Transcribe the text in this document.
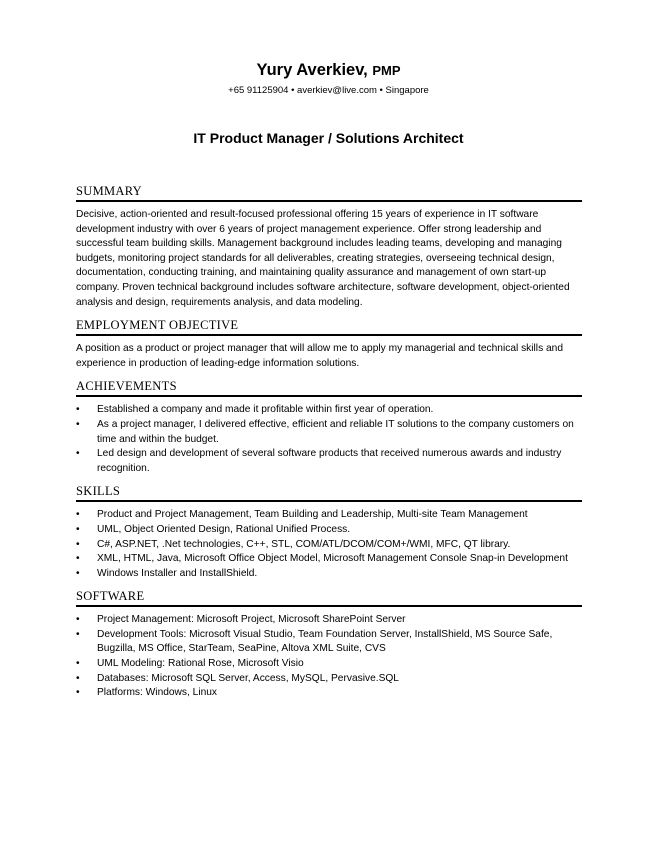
Yury Averkiev, PMP
+65 91125904 • averkiev@live.com • Singapore
IT Product Manager / Solutions Architect
SUMMARY
Decisive, action-oriented and result-focused professional offering 15 years of experience in IT software development industry with over 6 years of project management experience. Offer strong leadership and successful team building skills. Management background includes leading teams, developing and managing budgets, monitoring project standards for all deliverables, creating strategies, overseeing technical design, documentation, conducting training, and maintaining quality assurance and management of own start-up company. Proven technical background includes software architecture, software development, object-oriented analysis and design, requirements analysis, and data modeling.
EMPLOYMENT OBJECTIVE
A position as a product or project manager that will allow me to apply my managerial and technical skills and experience in production of leading-edge information solutions.
ACHIEVEMENTS
• Established a company and made it profitable within first year of operation.
• As a project manager, I delivered effective, efficient and reliable IT solutions to the company customers on time and within the budget.
• Led design and development of several software products that received numerous awards and industry recognition.
SKILLS
• Product and Project Management, Team Building and Leadership, Multi-site Team Management
• UML, Object Oriented Design, Rational Unified Process.
• C#, ASP.NET, .Net technologies, C++, STL, COM/ATL/DCOM/COM+/WMI, MFC, QT library.
• XML, HTML, Java, Microsoft Office Object Model, Microsoft Management Console Snap-in Development
• Windows Installer and InstallShield.
SOFTWARE
• Project Management: Microsoft Project, Microsoft SharePoint Server
• Development Tools: Microsoft Visual Studio, Team Foundation Server, InstallShield, MS Source Safe, Bugzilla, MS Office, StarTeam, SeaPine, Altova XML Suite, CVS
• UML Modeling: Rational Rose, Microsoft Visio
• Databases: Microsoft SQL Server, Access, MySQL, Pervasive.SQL
• Platforms: Windows, Linux
